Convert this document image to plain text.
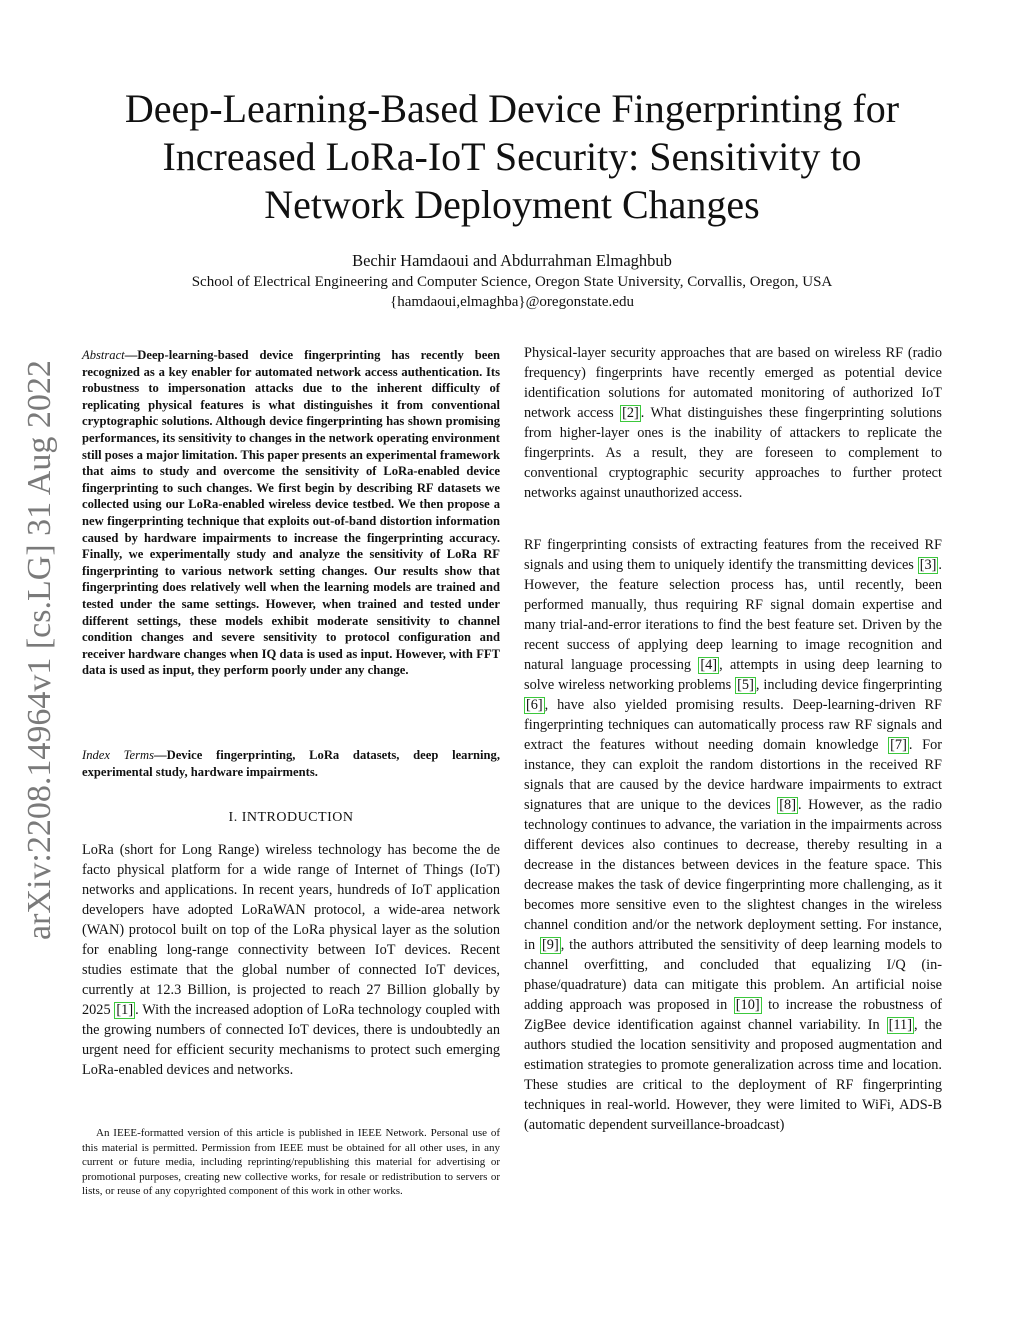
Deep-Learning-Based Device Fingerprinting for Increased LoRa-IoT Security: Sensitivity to Network Deployment Changes
Bechir Hamdaoui and Abdurrahman Elmaghbub
School of Electrical Engineering and Computer Science, Oregon State University, Corvallis, Oregon, USA
{hamdaoui,elmaghba}@oregonstate.edu
arXiv:2208.14964v1 [cs.LG] 31 Aug 2022
Abstract—Deep-learning-based device fingerprinting has recently been recognized as a key enabler for automated network access authentication. Its robustness to impersonation attacks due to the inherent difficulty of replicating physical features is what distinguishes it from conventional cryptographic solutions. Although device fingerprinting has shown promising performances, its sensitivity to changes in the network operating environment still poses a major limitation. This paper presents an experimental framework that aims to study and overcome the sensitivity of LoRa-enabled device fingerprinting to such changes. We first begin by describing RF datasets we collected using our LoRa-enabled wireless device testbed. We then propose a new fingerprinting technique that exploits out-of-band distortion information caused by hardware impairments to increase the fingerprinting accuracy. Finally, we experimentally study and analyze the sensitivity of LoRa RF fingerprinting to various network setting changes. Our results show that fingerprinting does relatively well when the learning models are trained and tested under the same settings. However, when trained and tested under different settings, these models exhibit moderate sensitivity to channel condition changes and severe sensitivity to protocol configuration and receiver hardware changes when IQ data is used as input. However, with FFT data is used as input, they perform poorly under any change.
Index Terms—Device fingerprinting, LoRa datasets, deep learning, experimental study, hardware impairments.
I. INTRODUCTION
LoRa (short for Long Range) wireless technology has become the de facto physical platform for a wide range of Internet of Things (IoT) networks and applications. In recent years, hundreds of IoT application developers have adopted LoRaWAN protocol, a wide-area network (WAN) protocol built on top of the LoRa physical layer as the solution for enabling long-range connectivity between IoT devices. Recent studies estimate that the global number of connected IoT devices, currently at 12.3 Billion, is projected to reach 27 Billion globally by 2025 [1] . With the increased adoption of LoRa technology coupled with the growing numbers of connected IoT devices, there is undoubtedly an urgent need for efficient security mechanisms to protect such emerging LoRa-enabled devices and networks.
An IEEE-formatted version of this article is published in IEEE Network. Personal use of this material is permitted. Permission from IEEE must be obtained for all other uses, in any current or future media, including reprinting/republishing this material for advertising or promotional purposes, creating new collective works, for resale or redistribution to servers or lists, or reuse of any copyrighted component of this work in other works.
Physical-layer security approaches that are based on wireless RF (radio frequency) fingerprints have recently emerged as potential device identification solutions for automated monitoring of authorized IoT network access [2] . What distinguishes these fingerprinting solutions from higher-layer ones is the inability of attackers to replicate the fingerprints. As a result, they are foreseen to complement to conventional cryptographic security approaches to further protect networks against unauthorized access.
RF fingerprinting consists of extracting features from the received RF signals and using them to uniquely identify the transmitting devices [3] . However, the feature selection process has, until recently, been performed manually, thus requiring RF signal domain expertise and many trial-and-error iterations to find the best feature set. Driven by the recent success of applying deep learning to image recognition and natural language processing [4] , attempts in using deep learning to solve wireless networking problems [5] , including device fingerprinting [6] , have also yielded promising results. Deep-learning-driven RF fingerprinting techniques can automatically process raw RF signals and extract the features without needing domain knowledge [7] . For instance, they can exploit the random distortions in the received RF signals that are caused by the device hardware impairments to extract signatures that are unique to the devices [8] . However, as the radio technology continues to advance, the variation in the impairments across different devices also continues to decrease, thereby resulting in a decrease in the distances between devices in the feature space. This decrease makes the task of device fingerprinting more challenging, as it becomes more sensitive even to the slightest changes in the wireless channel condition and/or the network deployment setting. For instance, in [9] , the authors attributed the sensitivity of deep learning models to channel overfitting, and concluded that equalizing I/Q (in-phase/quadrature) data can mitigate this problem. An artificial noise adding approach was proposed in [10] to increase the robustness of ZigBee device identification against channel variability. In [11] , the authors studied the location sensitivity and proposed augmentation and estimation strategies to promote generalization across time and location. These studies are critical to the deployment of RF fingerprinting techniques in real-world. However, they were limited to WiFi, ADS-B (automatic dependent surveillance-broadcast)
